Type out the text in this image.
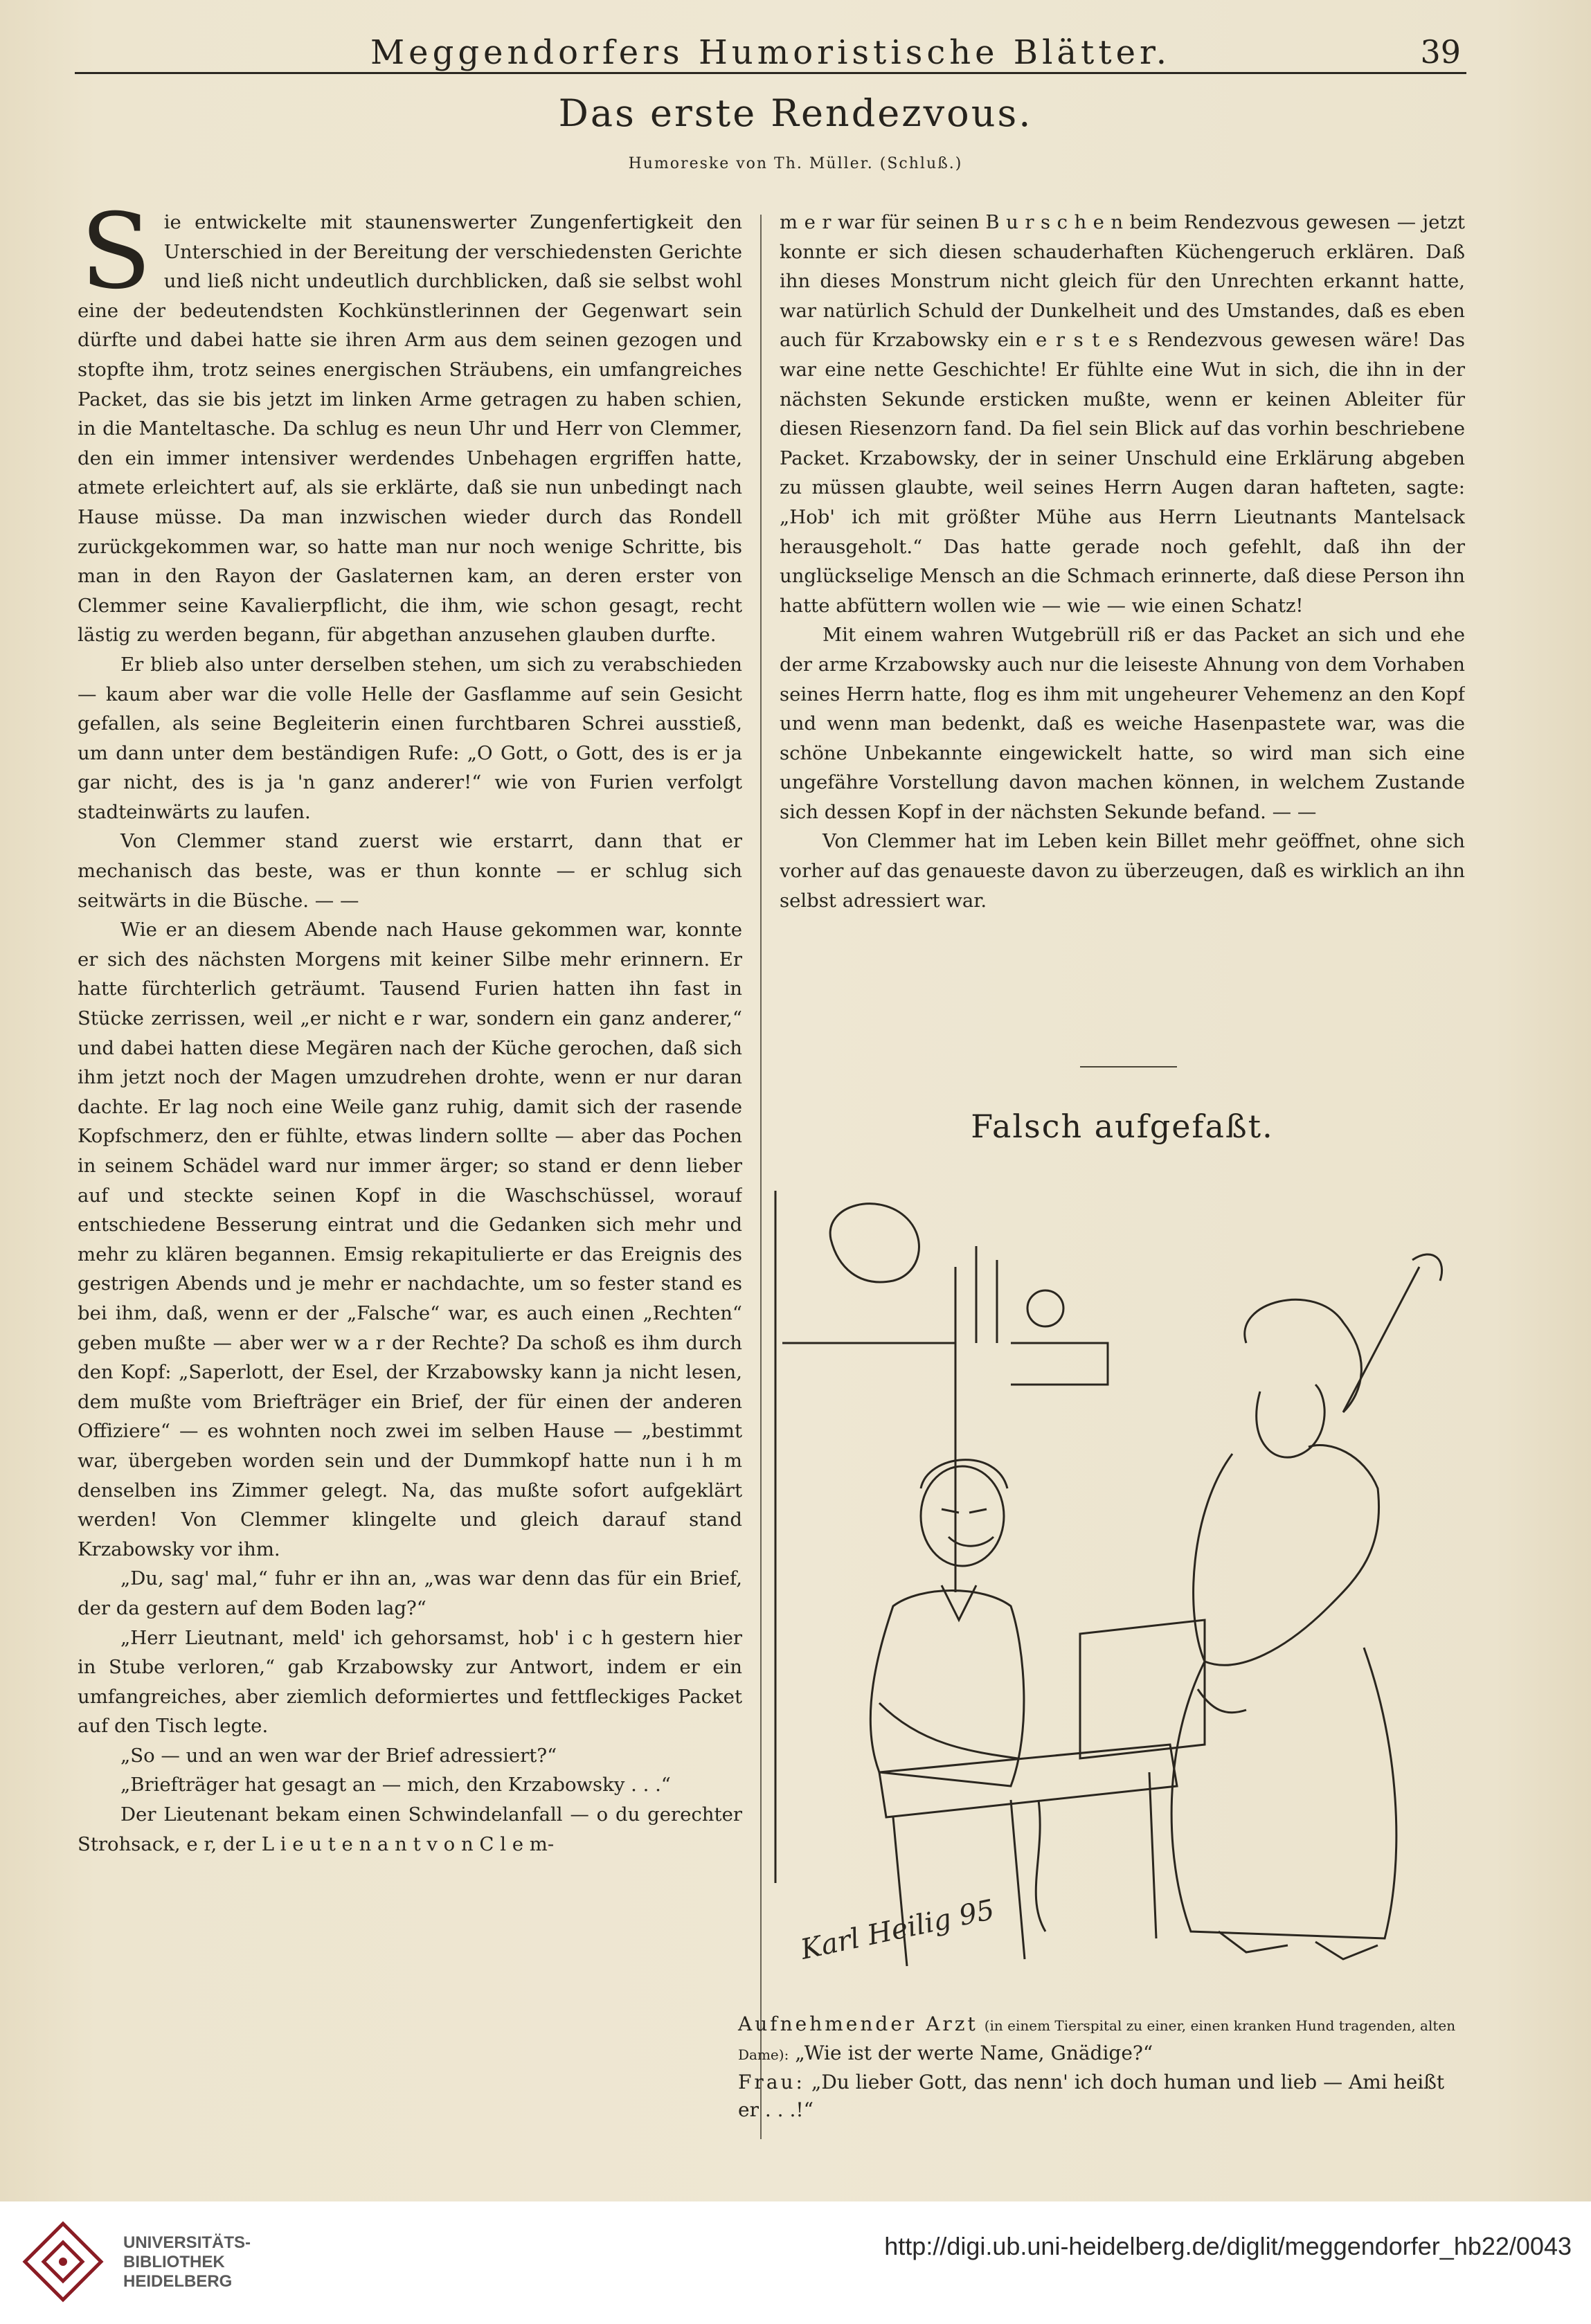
Meggendorfers Humoristische Blätter.	39
Das erste Rendezvous.
Humoreske von Th. Müller. (Schluß.)

Sie entwickelte mit staunenswerter Zungenfertigkeit den Unterschied in der Bereitung der verschiedensten Gerichte und ließ nicht undeutlich durchblicken, daß sie selbst wohl eine der bedeutendsten Kochkünstlerinnen der Gegenwart sein dürfte und dabei hatte sie ihren Arm aus dem seinen gezogen und stopfte ihm, trotz seines energischen Sträubens, ein umfangreiches Packet, das sie bis jetzt im linken Arme getragen zu haben schien, in die Manteltasche. Da schlug es neun Uhr und Herr von Clemmer, den ein immer intensiver werdendes Unbehagen ergriffen hatte, atmete erleichtert auf, als sie erklärte, daß sie nun unbedingt nach Hause müsse. Da man inzwischen wieder durch das Rondell zurückgekommen war, so hatte man nur noch wenige Schritte, bis man in den Rayon der Gaslaternen kam, an deren erster von Clemmer seine Kavalierpflicht, die ihm, wie schon gesagt, recht lästig zu werden begann, für abgethan anzusehen glauben durfte.

Er blieb also unter derselben stehen, um sich zu verabschieden — kaum aber war die volle Helle der Gasflamme auf sein Gesicht gefallen, als seine Begleiterin einen furchtbaren Schrei ausstieß, um dann unter dem beständigen Rufe: „O Gott, o Gott, des is er ja gar nicht, des is ja 'n ganz anderer!“ wie von Furien verfolgt stadteinwärts zu laufen.

Von Clemmer stand zuerst wie erstarrt, dann that er mechanisch das beste, was er thun konnte — er schlug sich seitwärts in die Büsche. — —

Wie er an diesem Abende nach Hause gekommen war, konnte er sich des nächsten Morgens mit keiner Silbe mehr erinnern. Er hatte fürchterlich geträumt. Tausend Furien hatten ihn fast in Stücke zerrissen, weil „er nicht e r war, sondern ein ganz anderer,“ und dabei hatten diese Megären nach der Küche gerochen, daß sich ihm jetzt noch der Magen umzudrehen drohte, wenn er nur daran dachte. Er lag noch eine Weile ganz ruhig, damit sich der rasende Kopfschmerz, den er fühlte, etwas lindern sollte — aber das Pochen in seinem Schädel ward nur immer ärger; so stand er denn lieber auf und steckte seinen Kopf in die Waschschüssel, worauf entschiedene Besserung eintrat und die Gedanken sich mehr und mehr zu klären begannen. Emsig rekapitulierte er das Ereignis des gestrigen Abends und je mehr er nachdachte, um so fester stand es bei ihm, daß, wenn er der „Falsche“ war, es auch einen „Rechten“ geben mußte — aber wer w a r der Rechte? Da schoß es ihm durch den Kopf: „Saperlott, der Esel, der Krzabowsky kann ja nicht lesen, dem mußte vom Briefträger ein Brief, der für einen der anderen Offiziere“ — es wohnten noch zwei im selben Hause — „bestimmt war, übergeben worden sein und der Dummkopf hatte nun i h m denselben ins Zimmer gelegt. Na, das mußte sofort aufgeklärt werden! Von Clemmer klingelte und gleich darauf stand Krzabowsky vor ihm.

„Du, sag' mal,“ fuhr er ihn an, „was war denn das für ein Brief, der da gestern auf dem Boden lag?“

„Herr Lieutnant, meld' ich gehorsamst, hob' i c h gestern hier in Stube verloren,“ gab Krzabowsky zur Antwort, indem er ein umfangreiches, aber ziemlich deformiertes und fettfleckiges Packet auf den Tisch legte.

„So — und an wen war der Brief adressiert?“

„Briefträger hat gesagt an — mich, den Krzabowsky . . .“

Der Lieutenant bekam einen Schwindelanfall — o du gerechter Strohsack, e r, der L i e u t e n a n t v o n C l e m-

m e r war für seinen B u r s c h e n beim Rendezvous gewesen — jetzt konnte er sich diesen schauderhaften Küchengeruch erklären. Daß ihn dieses Monstrum nicht gleich für den Unrechten erkannt hatte, war natürlich Schuld der Dunkelheit und des Umstandes, daß es eben auch für Krzabowsky ein e r s t e s Rendezvous gewesen wäre! Das war eine nette Geschichte! Er fühlte eine Wut in sich, die ihn in der nächsten Sekunde ersticken mußte, wenn er keinen Ableiter für diesen Riesenzorn fand. Da fiel sein Blick auf das vorhin beschriebene Packet. Krzabowsky, der in seiner Unschuld eine Erklärung abgeben zu müssen glaubte, weil seines Herrn Augen daran hafteten, sagte: „Hob' ich mit größter Mühe aus Herrn Lieutnants Mantelsack herausgeholt.“ Das hatte gerade noch gefehlt, daß ihn der unglückselige Mensch an die Schmach erinnerte, daß diese Person ihn hatte abfüttern wollen wie — wie — wie einen Schatz!

Mit einem wahren Wutgebrüll riß er das Packet an sich und ehe der arme Krzabowsky auch nur die leiseste Ahnung von dem Vorhaben seines Herrn hatte, flog es ihm mit ungeheurer Vehemenz an den Kopf und wenn man bedenkt, daß es weiche Hasenpastete war, was die schöne Unbekannte eingewickelt hatte, so wird man sich eine ungefähre Vorstellung davon machen können, in welchem Zustande sich dessen Kopf in der nächsten Sekunde befand. — —

Von Clemmer hat im Leben kein Billet mehr geöffnet, ohne sich vorher auf das genaueste davon zu überzeugen, daß es wirklich an ihn selbst adressiert war.

Falsch aufgefaßt.
Karl Heilig 95
Aufnehmender Arzt (in einem Tierspital zu einer, einen kranken Hund tragenden, alten Dame): „Wie ist der werte Name, Gnädige?“
Frau: „Du lieber Gott, das nenn' ich doch human und lieb — Ami heißt er . . .!“
UNIVERSITÄTS-
BIBLIOTHEK
HEIDELBERG
http://digi.ub.uni-heidelberg.de/diglit/meggendorfer_hb22/0043
